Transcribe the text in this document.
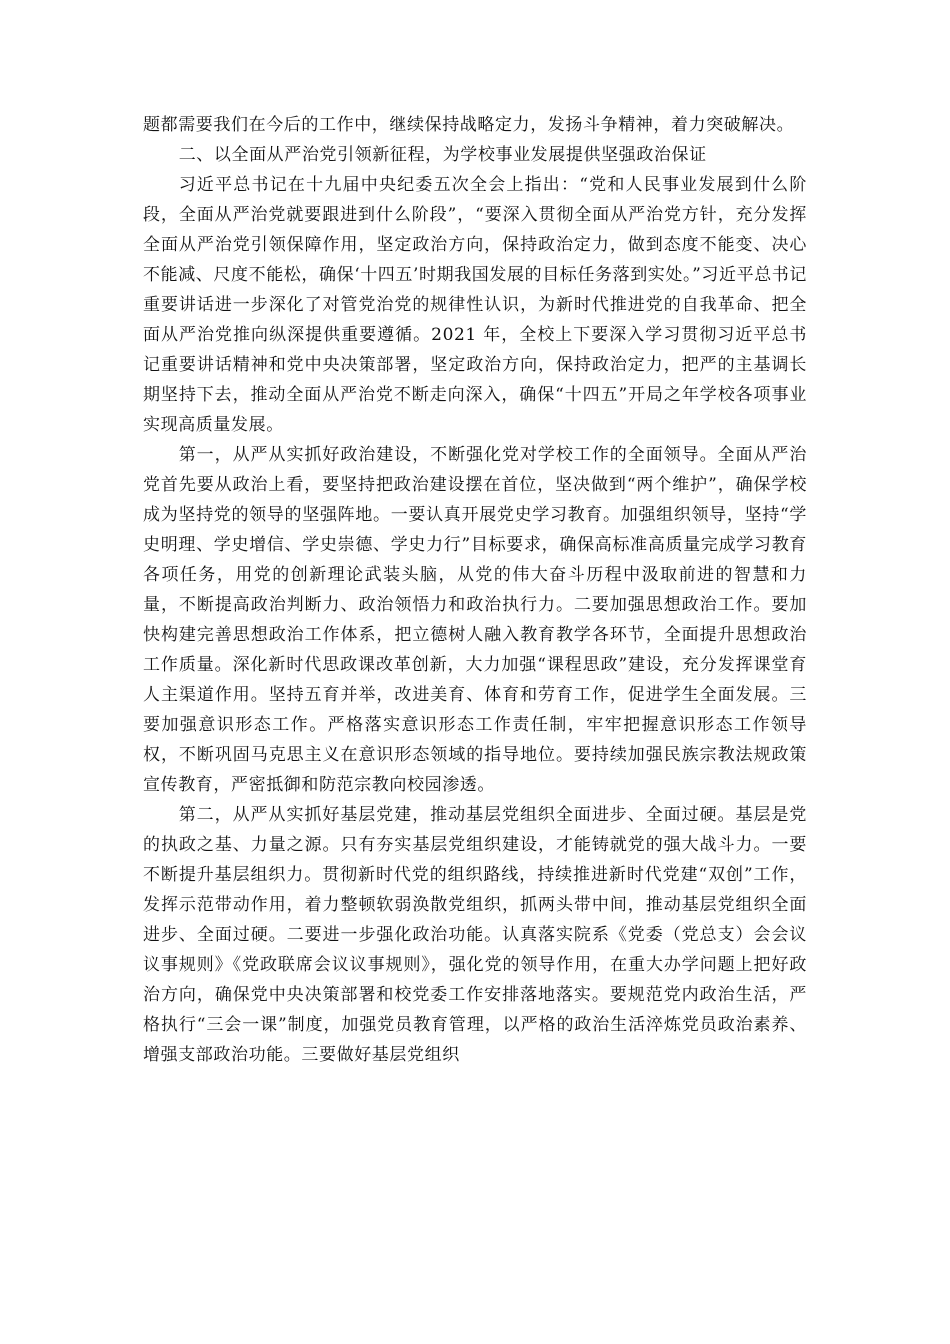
题都需要我们在今后的工作中，继续保持战略定力，发扬斗争精神，着力突破解决。

二、以全面从严治党引领新征程，为学校事业发展提供坚强政治保证

习近平总书记在十九届中央纪委五次全会上指出：“党和人民事业发展到什么阶段，全面从严治党就要跟进到什么阶段”，“要深入贯彻全面从严治党方针，充分发挥全面从严治党引领保障作用，坚定政治方向，保持政治定力，做到态度不能变、决心不能减、尺度不能松，确保‘十四五’时期我国发展的目标任务落到实处。”习近平总书记重要讲话进一步深化了对管党治党的规律性认识，为新时代推进党的自我革命、把全面从严治党推向纵深提供重要遵循。2021 年，全校上下要深入学习贯彻习近平总书记重要讲话精神和党中央决策部署，坚定政治方向，保持政治定力，把严的主基调长期坚持下去，推动全面从严治党不断走向深入，确保“十四五”开局之年学校各项事业实现高质量发展。

第一，从严从实抓好政治建设，不断强化党对学校工作的全面领导。全面从严治党首先要从政治上看，要坚持把政治建设摆在首位，坚决做到“两个维护”，确保学校成为坚持党的领导的坚强阵地。一要认真开展党史学习教育。加强组织领导，坚持“学史明理、学史增信、学史崇德、学史力行”目标要求，确保高标准高质量完成学习教育各项任务，用党的创新理论武装头脑，从党的伟大奋斗历程中汲取前进的智慧和力量，不断提高政治判断力、政治领悟力和政治执行力。二要加强思想政治工作。要加快构建完善思想政治工作体系，把立德树人融入教育教学各环节，全面提升思想政治工作质量。深化新时代思政课改革创新，大力加强“课程思政”建设，充分发挥课堂育人主渠道作用。坚持五育并举，改进美育、体育和劳育工作，促进学生全面发展。三要加强意识形态工作。严格落实意识形态工作责任制，牢牢把握意识形态工作领导权，不断巩固马克思主义在意识形态领域的指导地位。要持续加强民族宗教法规政策宣传教育，严密抵御和防范宗教向校园渗透。

第二，从严从实抓好基层党建，推动基层党组织全面进步、全面过硬。基层是党的执政之基、力量之源。只有夯实基层党组织建设，才能铸就党的强大战斗力。一要不断提升基层组织力。贯彻新时代党的组织路线，持续推进新时代党建“双创”工作，发挥示范带动作用，着力整顿软弱涣散党组织，抓两头带中间，推动基层党组织全面进步、全面过硬。二要进一步强化政治功能。认真落实院系《党委（党总支）会会议议事规则》《党政联席会议议事规则》，强化党的领导作用，在重大办学问题上把好政治方向，确保党中央决策部署和校党委工作安排落地落实。要规范党内政治生活，严格执行“三会一课”制度，加强党员教育管理，以严格的政治生活淬炼党员政治素养、增强支部政治功能。三要做好基层党组织
